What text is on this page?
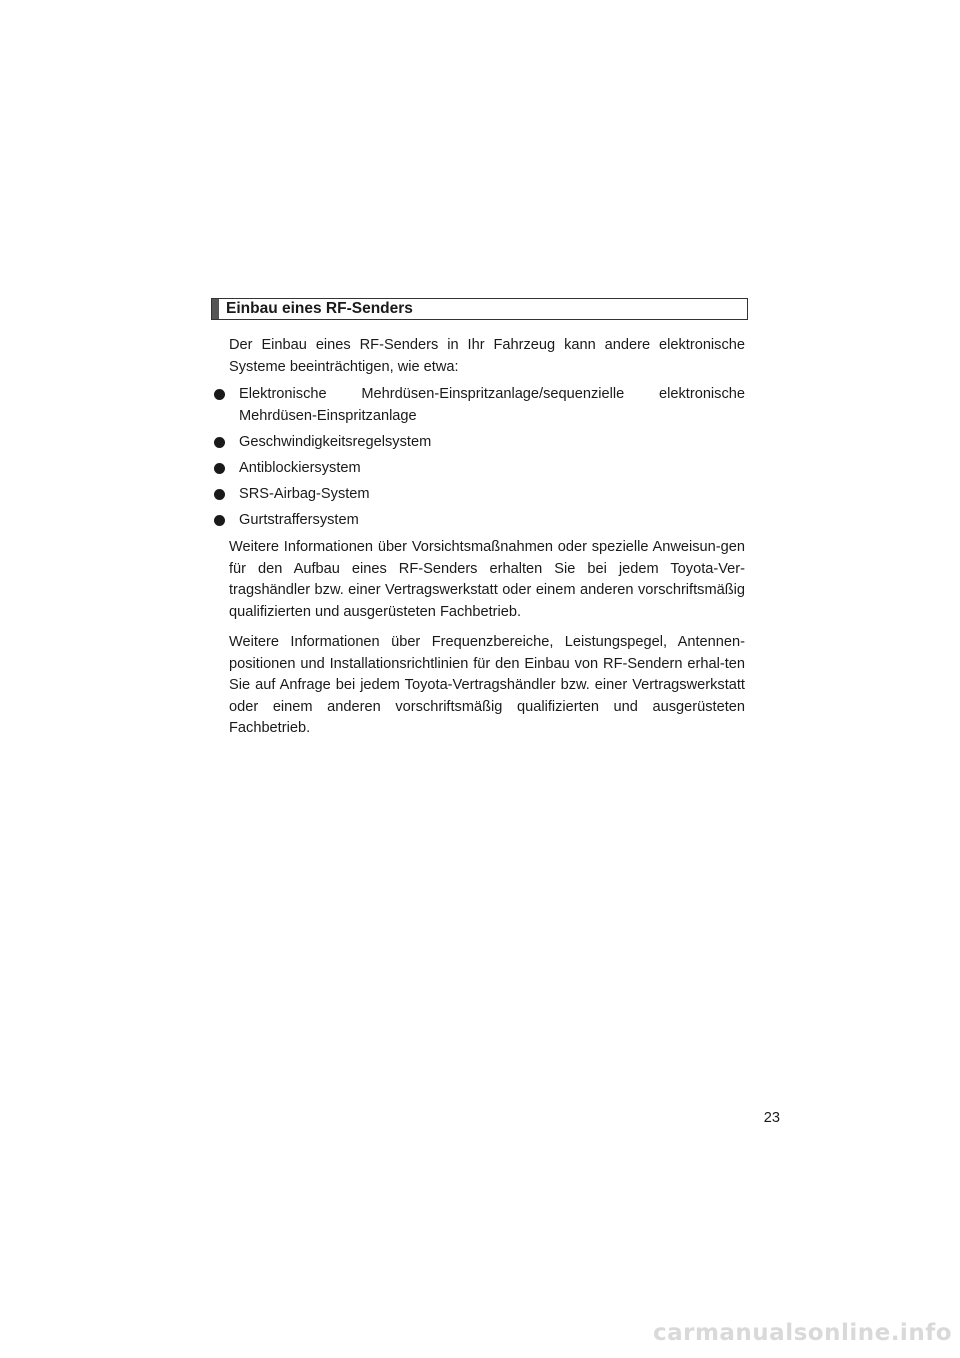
Einbau eines RF-Senders

Der Einbau eines RF-Senders in Ihr Fahrzeug kann andere elektronische Systeme beeinträchtigen, wie etwa:

Elektronische Mehrdüsen-Einspritzanlage/sequenzielle elektronische Mehrdüsen-Einspritzanlage
Geschwindigkeitsregelsystem
Antiblockiersystem
SRS-Airbag-System
Gurtstraffersystem

Weitere Informationen über Vorsichtsmaßnahmen oder spezielle Anweisun-gen für den Aufbau eines RF-Senders erhalten Sie bei jedem Toyota-Ver-tragshändler bzw. einer Vertragswerkstatt oder einem anderen vorschriftsmäßig qualifizierten und ausgerüsteten Fachbetrieb.

Weitere Informationen über Frequenzbereiche, Leistungspegel, Antennen-positionen und Installationsrichtlinien für den Einbau von RF-Sendern erhal-ten Sie auf Anfrage bei jedem Toyota-Vertragshändler bzw. einer Vertragswerkstatt oder einem anderen vorschriftsmäßig qualifizierten und ausgerüsteten Fachbetrieb.

23
carmanualsonline.info
